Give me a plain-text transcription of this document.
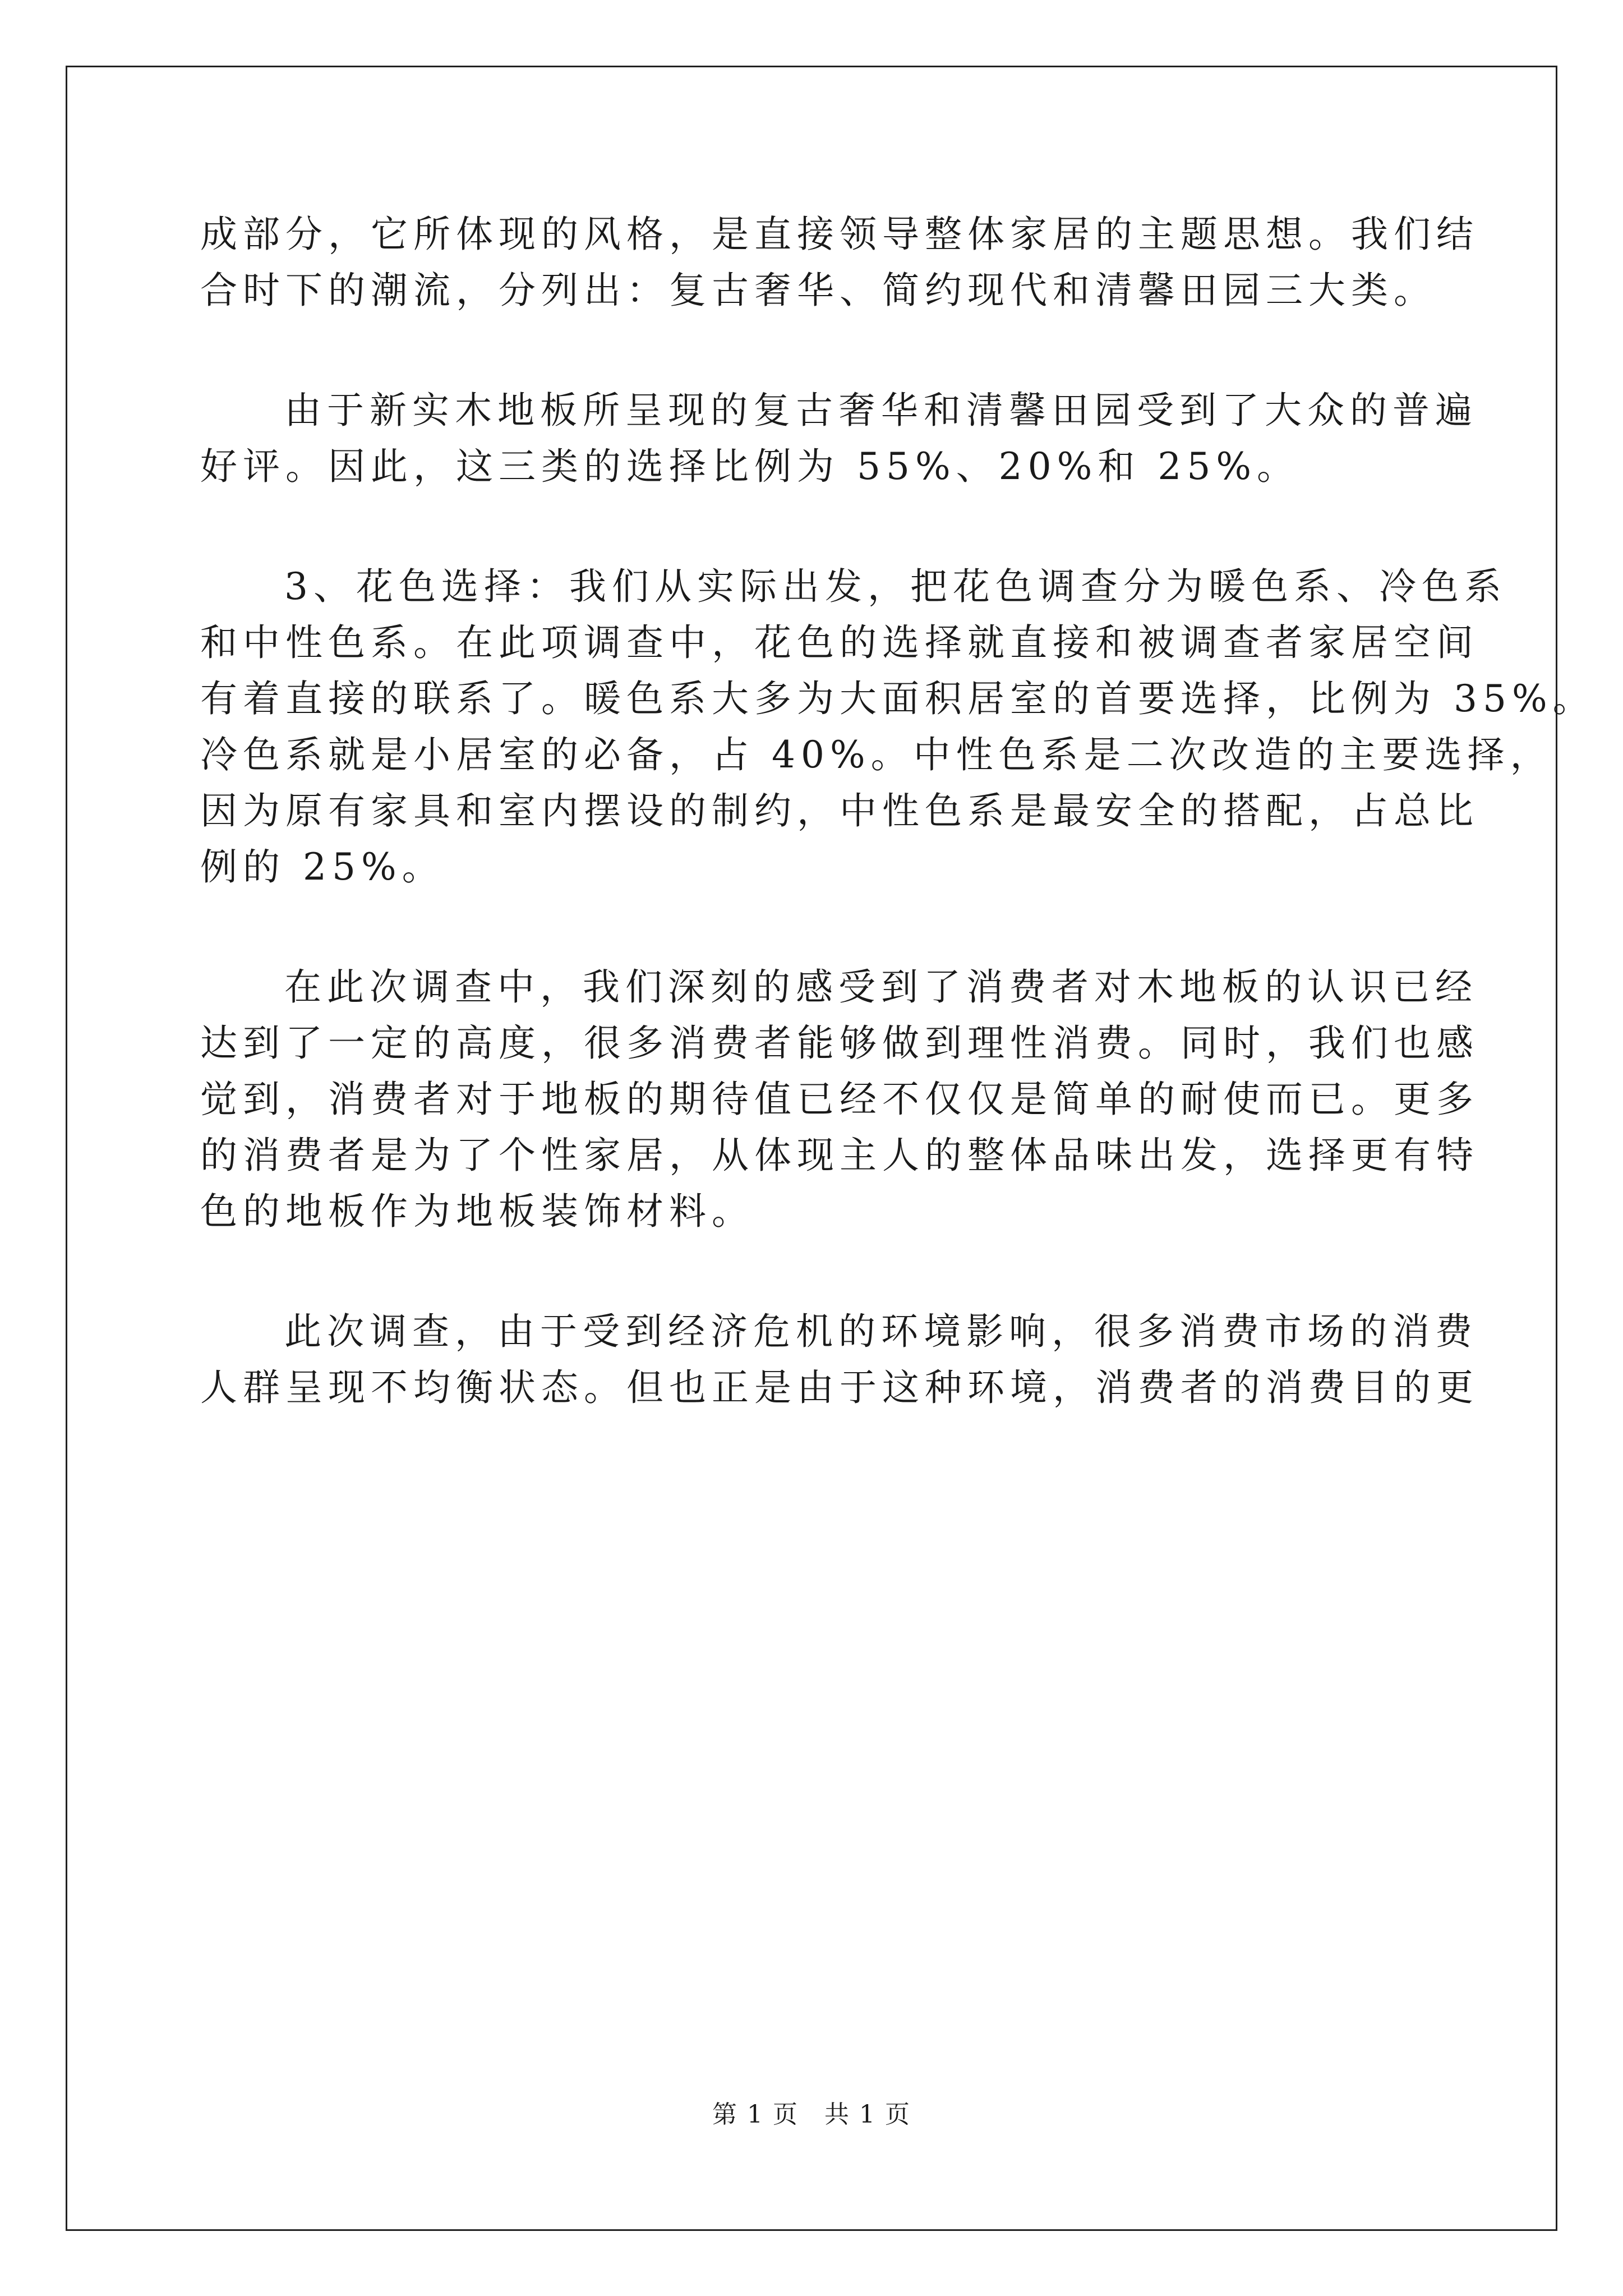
成部分，它所体现的风格，是直接领导整体家居的主题思想。我们结
合时下的潮流，分列出：复古奢华、简约现代和清馨田园三大类。
由于新实木地板所呈现的复古奢华和清馨田园受到了大众的普遍
好评。因此，这三类的选择比例为 55%、20%和 25%。
3、花色选择：我们从实际出发，把花色调查分为暖色系、冷色系
和中性色系。在此项调查中，花色的选择就直接和被调查者家居空间
有着直接的联系了。暖色系大多为大面积居室的首要选择，比例为 35%。
冷色系就是小居室的必备，占 40%。中性色系是二次改造的主要选择，
因为原有家具和室内摆设的制约，中性色系是最安全的搭配，占总比
例的 25%。
在此次调查中，我们深刻的感受到了消费者对木地板的认识已经
达到了一定的高度，很多消费者能够做到理性消费。同时，我们也感
觉到，消费者对于地板的期待值已经不仅仅是简单的耐使而已。更多
的消费者是为了个性家居，从体现主人的整体品味出发，选择更有特
色的地板作为地板装饰材料。
此次调查，由于受到经济危机的环境影响，很多消费市场的消费
人群呈现不均衡状态。但也正是由于这种环境，消费者的消费目的更
第 1 页　共 1 页
